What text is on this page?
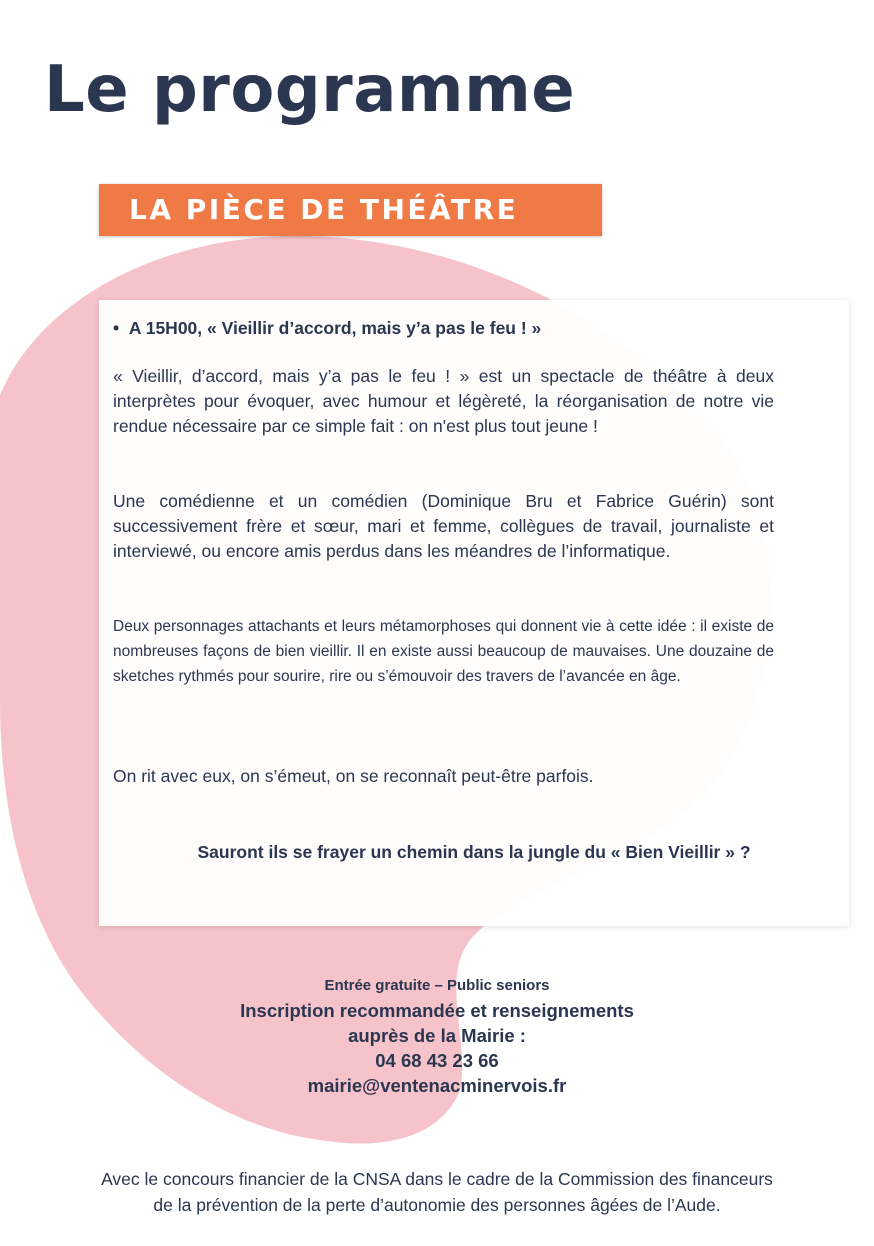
Le programme
LA PIÈCE DE THÉÂTRE
•  A 15H00, « Vieillir d’accord, mais y’a pas le feu ! »

« Vieillir, d’accord, mais y’a pas le feu ! » est un spectacle de théâtre à deux interprètes pour évoquer, avec humour et légèreté, la réorganisation de notre vie rendue nécessaire par ce simple fait : on n'est plus tout jeune !

Une comédienne et un comédien (Dominique Bru et Fabrice Guérin) sont successivement frère et sœur, mari et femme, collègues de travail, journaliste et interviewé, ou encore amis perdus dans les méandres de l’informatique.

Deux personnages attachants et leurs métamorphoses qui donnent vie à cette idée : il existe de nombreuses façons de bien vieillir. Il en existe aussi beaucoup de mauvaises. Une douzaine de sketches rythmés pour sourire, rire ou s’émouvoir des travers de l’avancée en âge.

On rit avec eux, on s’émeut, on se reconnaît peut-être parfois.

Sauront ils se frayer un chemin dans la jungle du « Bien Vieillir » ?
Entrée gratuite – Public seniors
Inscription recommandée et renseignements
auprès de la Mairie :
04 68 43 23 66
mairie@ventenacminervois.fr
Avec le concours financier de la CNSA dans le cadre de la Commission des financeurs
de la prévention de la perte d’autonomie des personnes âgées de l’Aude.
